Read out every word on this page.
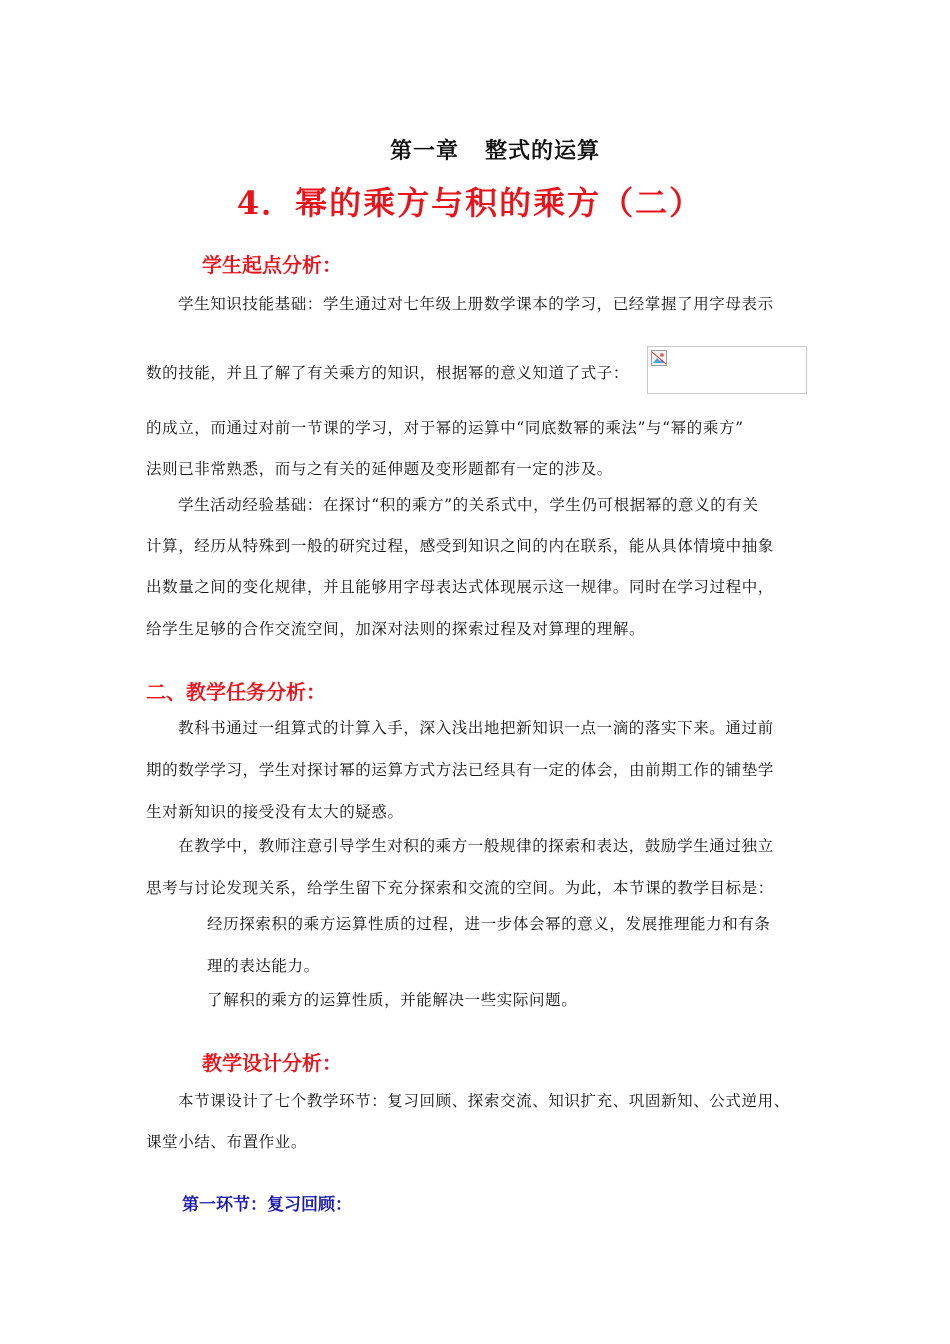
第一章 整式的运算
4．幂的乘方与积的乘方（二）
学生起点分析：
学生知识技能基础：学生通过对七年级上册数学课本的学习，已经掌握了用字母表示
数的技能，并且了解了有关乘方的知识，根据幂的意义知道了式子：
的成立，而通过对前一节课的学习，对于幂的运算中“同底数幂的乘法”与“幂的乘方”
法则已非常熟悉，而与之有关的延伸题及变形题都有一定的涉及。
学生活动经验基础：在探讨“积的乘方”的关系式中，学生仍可根据幂的意义的有关
计算，经历从特殊到一般的研究过程，感受到知识之间的内在联系，能从具体情境中抽象
出数量之间的变化规律，并且能够用字母表达式体现展示这一规律。同时在学习过程中，
给学生足够的合作交流空间，加深对法则的探索过程及对算理的理解。
二、教学任务分析：
教科书通过一组算式的计算入手，深入浅出地把新知识一点一滴的落实下来。通过前
期的数学学习，学生对探讨幂的运算方式方法已经具有一定的体会，由前期工作的铺垫学
生对新知识的接受没有太大的疑惑。
在教学中，教师注意引导学生对积的乘方一般规律的探索和表达，鼓励学生通过独立
思考与讨论发现关系，给学生留下充分探索和交流的空间。为此，本节课的教学目标是：
经历探索积的乘方运算性质的过程，进一步体会幂的意义，发展推理能力和有条
理的表达能力。
了解积的乘方的运算性质，并能解决一些实际问题。
教学设计分析：
本节课设计了七个教学环节：复习回顾、探索交流、知识扩充、巩固新知、公式逆用、
课堂小结、布置作业。
第一环节：复习回顾：
